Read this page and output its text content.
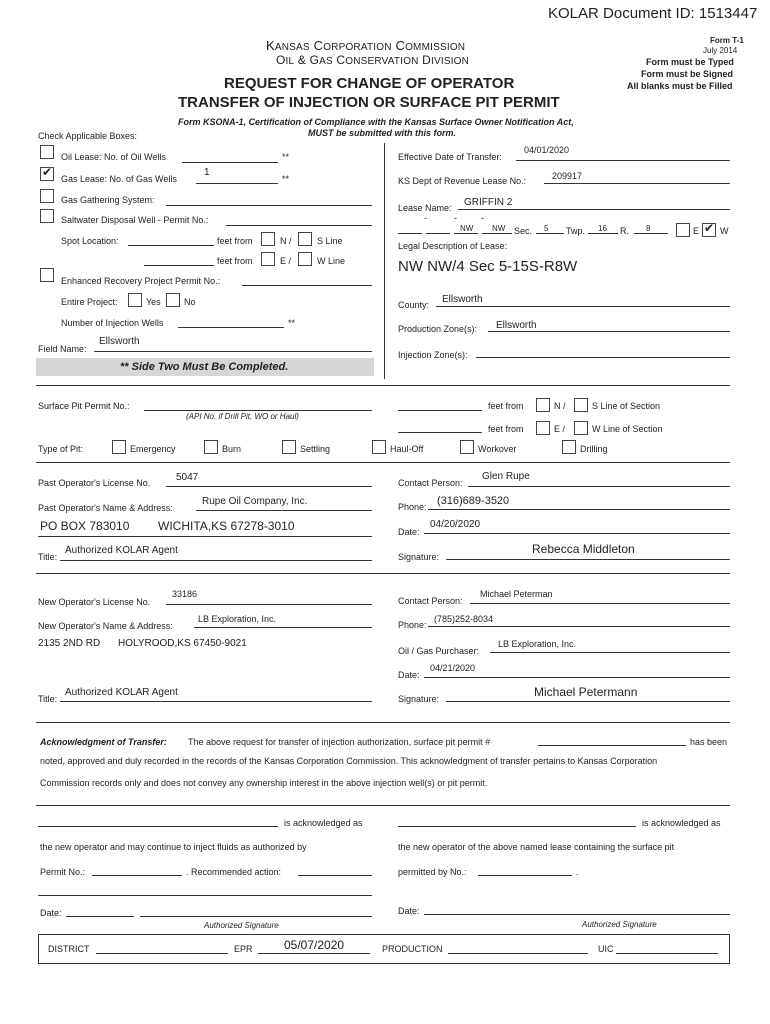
KOLAR Document ID: 1513447
KANSAS CORPORATION COMMISSION
OIL & GAS CONSERVATION DIVISION
Form T-1
July 2014
Form must be Typed
Form must be Signed
All blanks must be Filled
REQUEST FOR CHANGE OF OPERATOR
TRANSFER OF INJECTION OR SURFACE PIT PERMIT
Form KSONA-1, Certification of Compliance with the Kansas Surface Owner Notification Act,
MUST be submitted with this form.
Check Applicable Boxes:
Oil Lease: No. of Oil Wells	**
✔ Gas Lease: No. of Gas Wells
1
**
Gas Gathering System:
Saltwater Disposal Well - Permit No.:
Spot Location:	feet from	N /	S Line
feet from	E /	W Line
Enhanced Recovery Project Permit No.:
Entire Project:	Yes	No
Number of Injection Wells	**
Field Name:
Ellsworth
** Side Two Must Be Completed.
Effective Date of Transfer:
04/01/2020
KS Dept of Revenue Lease No.:	209917
Lease Name: GRIFFIN 2
-	-	-
NW NW Sec. 5 Twp. 16 R. 8	E ✔ W
Legal Description of Lease:
NW NW/4 Sec 5-15S-R8W
County: Ellsworth
Production Zone(s): Ellsworth
Injection Zone(s):
Surface Pit Permit No.:
(API No. if Drill Pit, WO or Haul)
feet from	N /	S Line of Section
feet from	E /	W Line of Section
Type of Pit:	Emergency	Burn	Settling	Haul-Off	Workover	Drilling
Past Operator's License No.	5047
Past Operator's Name & Address:
Rupe Oil Company, Inc.
PO BOX 783010 WICHITA,KS 67278-3010
Title:
Authorized KOLAR Agent
Contact Person:
Glen Rupe
Phone: (316)689-3520
Date:
04/20/2020
Signature:
Rebecca Middleton
New Operator's License No.
33186
New Operator's Name & Address:
LB Exploration, Inc.
2135 2ND RD HOLYROOD,KS 67450-9021
Title:
Authorized KOLAR Agent
Contact Person:
Michael Peterman
Phone:
(785)252-8034
Oil / Gas Purchaser:
LB Exploration, Inc.
Date:
04/21/2020
Signature:	Michael Petermann
Acknowledgment of Transfer: The above request for transfer of injection authorization, surface pit permit #	has been
noted, approved and duly recorded in the records of the Kansas Corporation Commission. This acknowledgment of transfer pertains to Kansas Corporation
Commission records only and does not convey any ownership interest in the above injection well(s) or pit permit.
is acknowledged as	is acknowledged as
the new operator and may continue to inject fluids as authorized by	the new operator of the above named lease containing the surface pit
Permit No.:	. Recommended action:	permitted by No.:	.
Date:
Authorized Signature
Date:
Authorized Signature
DISTRICT	EPR	05/07/2020	PRODUCTION	UIC
